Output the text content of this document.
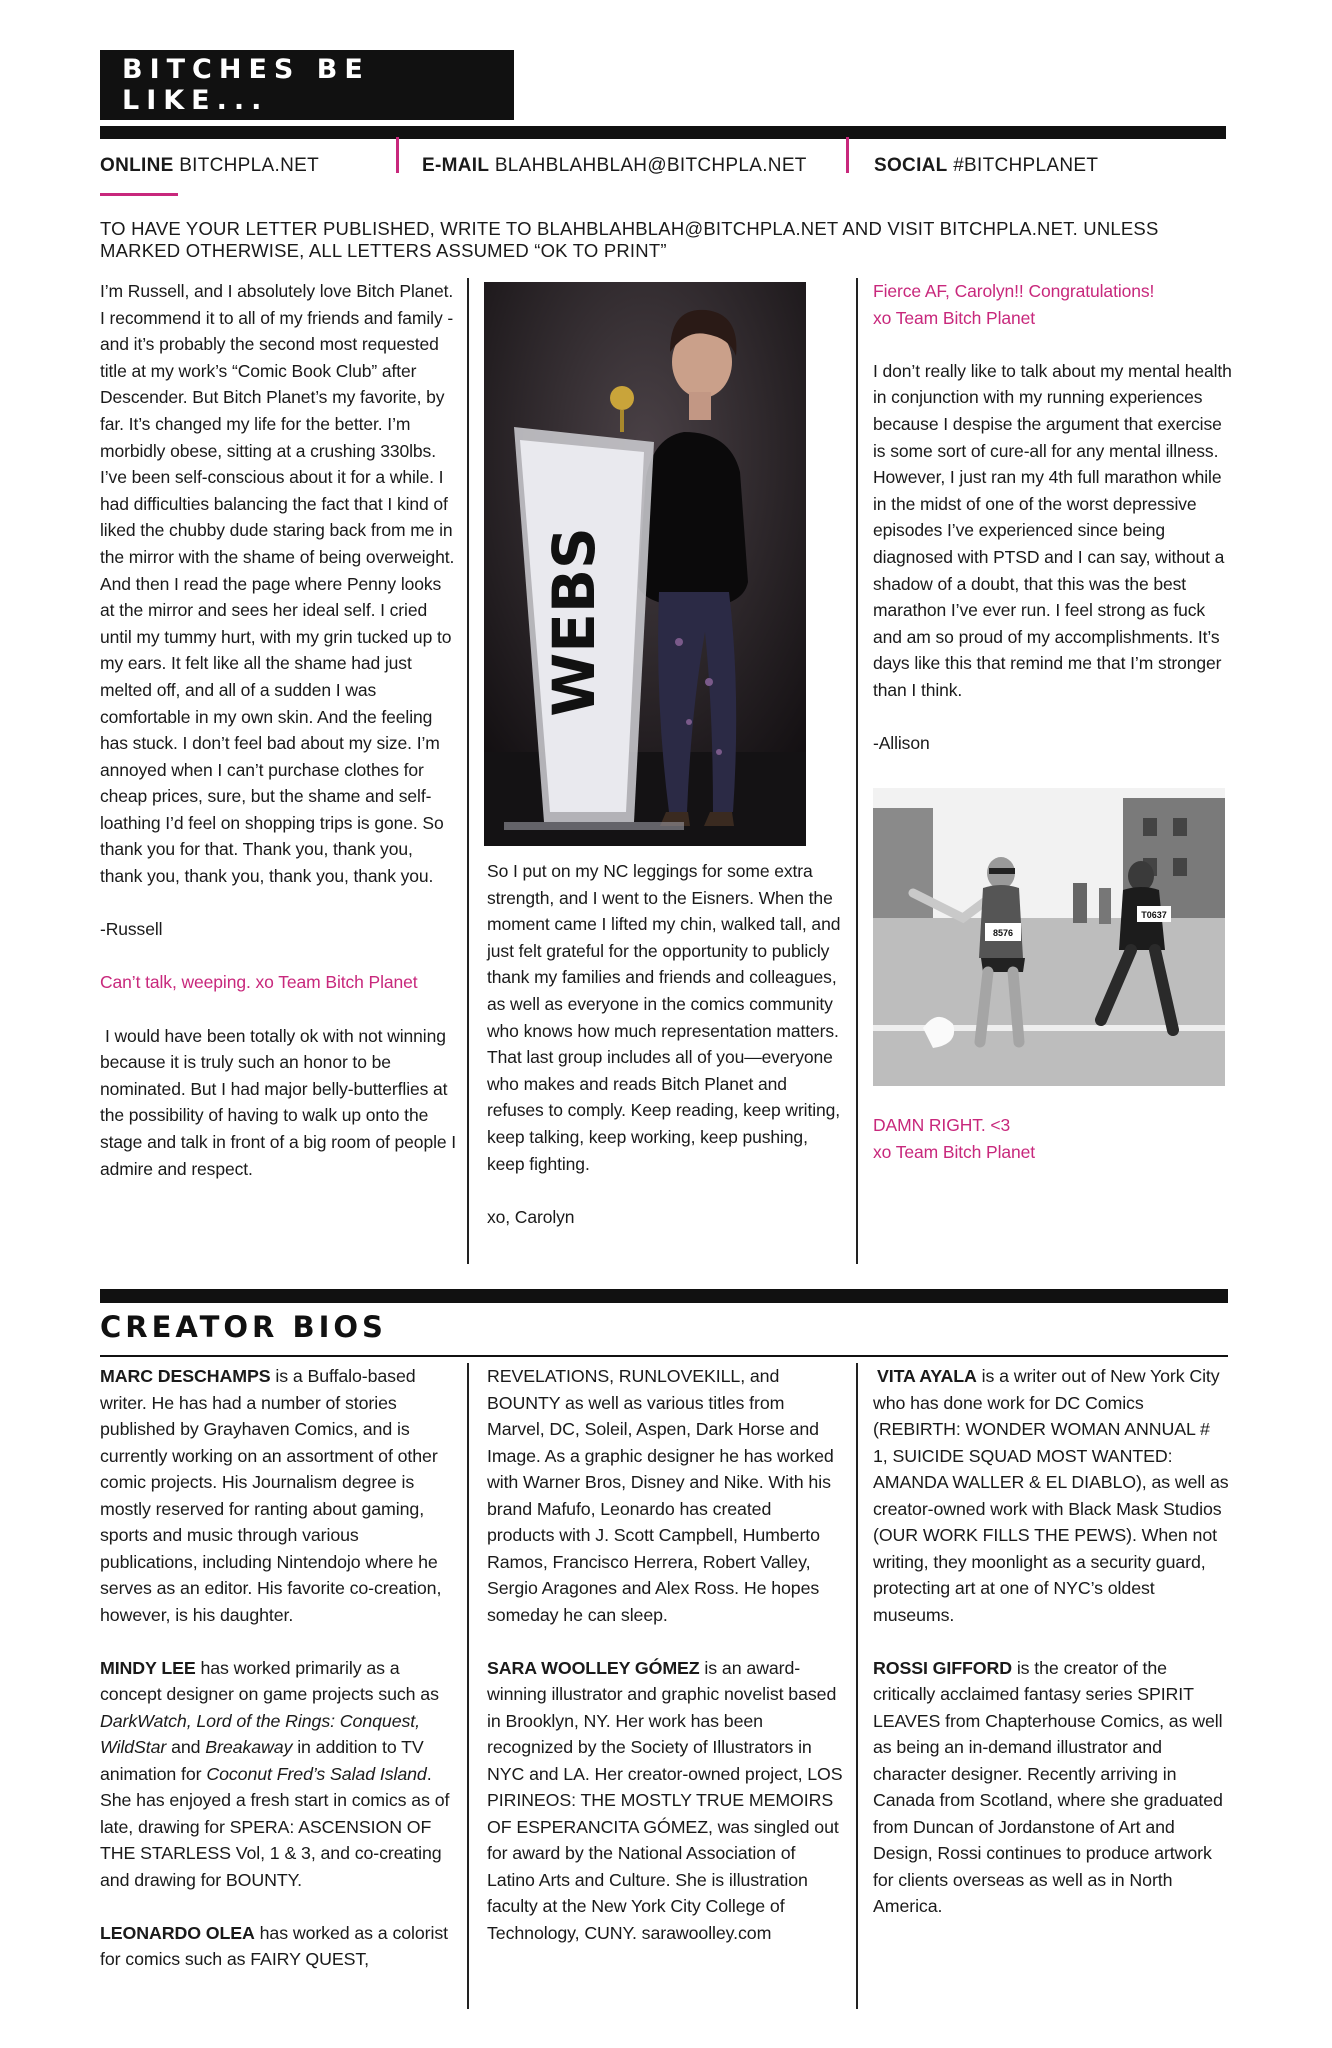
BITCHES BE LIKE...
ONLINE BITCHPLA.NET	E-MAIL BLAHBLAHBLAH@BITCHPLA.NET	SOCIAL #BITCHPLANET
TO HAVE YOUR LETTER PUBLISHED, WRITE TO BLAHBLAHBLAH@BITCHPLA.NET AND VISIT BITCHPLA.NET. UNLESS MARKED OTHERWISE, ALL LETTERS ASSUMED “OK TO PRINT”

I’m Russell, and I absolutely love Bitch Planet. I recommend it to all of my friends and family - and it’s probably the second most requested title at my work’s “Comic Book Club” after Descender. But Bitch Planet’s my favorite, by far. It’s changed my life for the better. I’m morbidly obese, sitting at a crushing 330lbs. I’ve been self-conscious about it for a while. I had difficulties balancing the fact that I kind of liked the chubby dude staring back from me in the mirror with the shame of being overweight. And then I read the page where Penny looks at the mirror and sees her ideal self. I cried until my tummy hurt, with my grin tucked up to my ears. It felt like all the shame had just melted off, and all of a sudden I was comfortable in my own skin. And the feeling has stuck. I don’t feel bad about my size. I’m annoyed when I can’t purchase clothes for cheap prices, sure, but the shame and self-loathing I’d feel on shopping trips is gone. So thank you for that. Thank you, thank you, thank you, thank you, thank you, thank you.

-Russell

Can’t talk, weeping. xo Team Bitch Planet

I would have been totally ok with not winning because it is truly such an honor to be nominated. But I had major belly-butterflies at the possibility of having to walk up onto the stage and talk in front of a big room of people I admire and respect.

WEBS

So I put on my NC leggings for some extra strength, and I went to the Eisners. When the moment came I lifted my chin, walked tall, and just felt grateful for the opportunity to publicly thank my families and friends and colleagues, as well as everyone in the comics community who knows how much representation matters. That last group includes all of you—everyone who makes and reads Bitch Planet and refuses to comply. Keep reading, keep writing, keep talking, keep working, keep pushing, keep fighting.

xo, Carolyn

Fierce AF, Carolyn!! Congratulations!

xo Team Bitch Planet

I don’t really like to talk about my mental health in conjunction with my running experiences because I despise the argument that exercise is some sort of cure-all for any mental illness. However, I just ran my 4th full marathon while in the midst of one of the worst depressive episodes I’ve experienced since being diagnosed with PTSD and I can say, without a shadow of a doubt, that this was the best marathon I’ve ever run. I feel strong as fuck and am so proud of my accomplishments. It’s days like this that remind me that I’m stronger than I think.

-Allison

8576
T0637

DAMN RIGHT. <3

xo Team Bitch Planet

CREATOR BIOS

MARC DESCHAMPS is a Buffalo-based writer. He has had a number of stories published by Grayhaven Comics, and is currently working on an assortment of other comic projects. His Journalism degree is mostly reserved for ranting about gaming, sports and music through various publications, including Nintendojo where he serves as an editor. His favorite co-creation, however, is his daughter.

MINDY LEE has worked primarily as a concept designer on game projects such as DarkWatch, Lord of the Rings: Conquest, WildStar and Breakaway in addition to TV animation for Coconut Fred’s Salad Island. She has enjoyed a fresh start in comics as of late, drawing for SPERA: ASCENSION OF THE STARLESS Vol, 1 & 3, and co-creating and drawing for BOUNTY.

LEONARDO OLEA has worked as a colorist for comics such as FAIRY QUEST,

REVELATIONS, RUNLOVEKILL, and BOUNTY as well as various titles from Marvel, DC, Soleil, Aspen, Dark Horse and Image. As a graphic designer he has worked with Warner Bros, Disney and Nike. With his brand Mafufo, Leonardo has created products with J. Scott Campbell, Humberto Ramos, Francisco Herrera, Robert Valley, Sergio Aragones and Alex Ross. He hopes someday he can sleep.

SARA WOOLLEY GÓMEZ is an award-winning illustrator and graphic novelist based in Brooklyn, NY. Her work has been recognized by the Society of Illustrators in NYC and LA. Her creator-owned project, LOS PIRINEOS: THE MOSTLY TRUE MEMOIRS OF ESPERANCITA GÓMEZ, was singled out for award by the National Association of Latino Arts and Culture. She is illustration faculty at the New York City College of Technology, CUNY. sarawoolley.com

VITA AYALA is a writer out of New York City who has done work for DC Comics (REBIRTH: WONDER WOMAN ANNUAL # 1, SUICIDE SQUAD MOST WANTED: AMANDA WALLER & EL DIABLO), as well as creator-owned work with Black Mask Studios (OUR WORK FILLS THE PEWS). When not writing, they moonlight as a security guard, protecting art at one of NYC’s oldest museums.

ROSSI GIFFORD is the creator of the critically acclaimed fantasy series SPIRIT LEAVES from Chapterhouse Comics, as well as being an in-demand illustrator and character designer. Recently arriving in Canada from Scotland, where she graduated from Duncan of Jordanstone of Art and Design, Rossi continues to produce artwork for clients overseas as well as in North America.
